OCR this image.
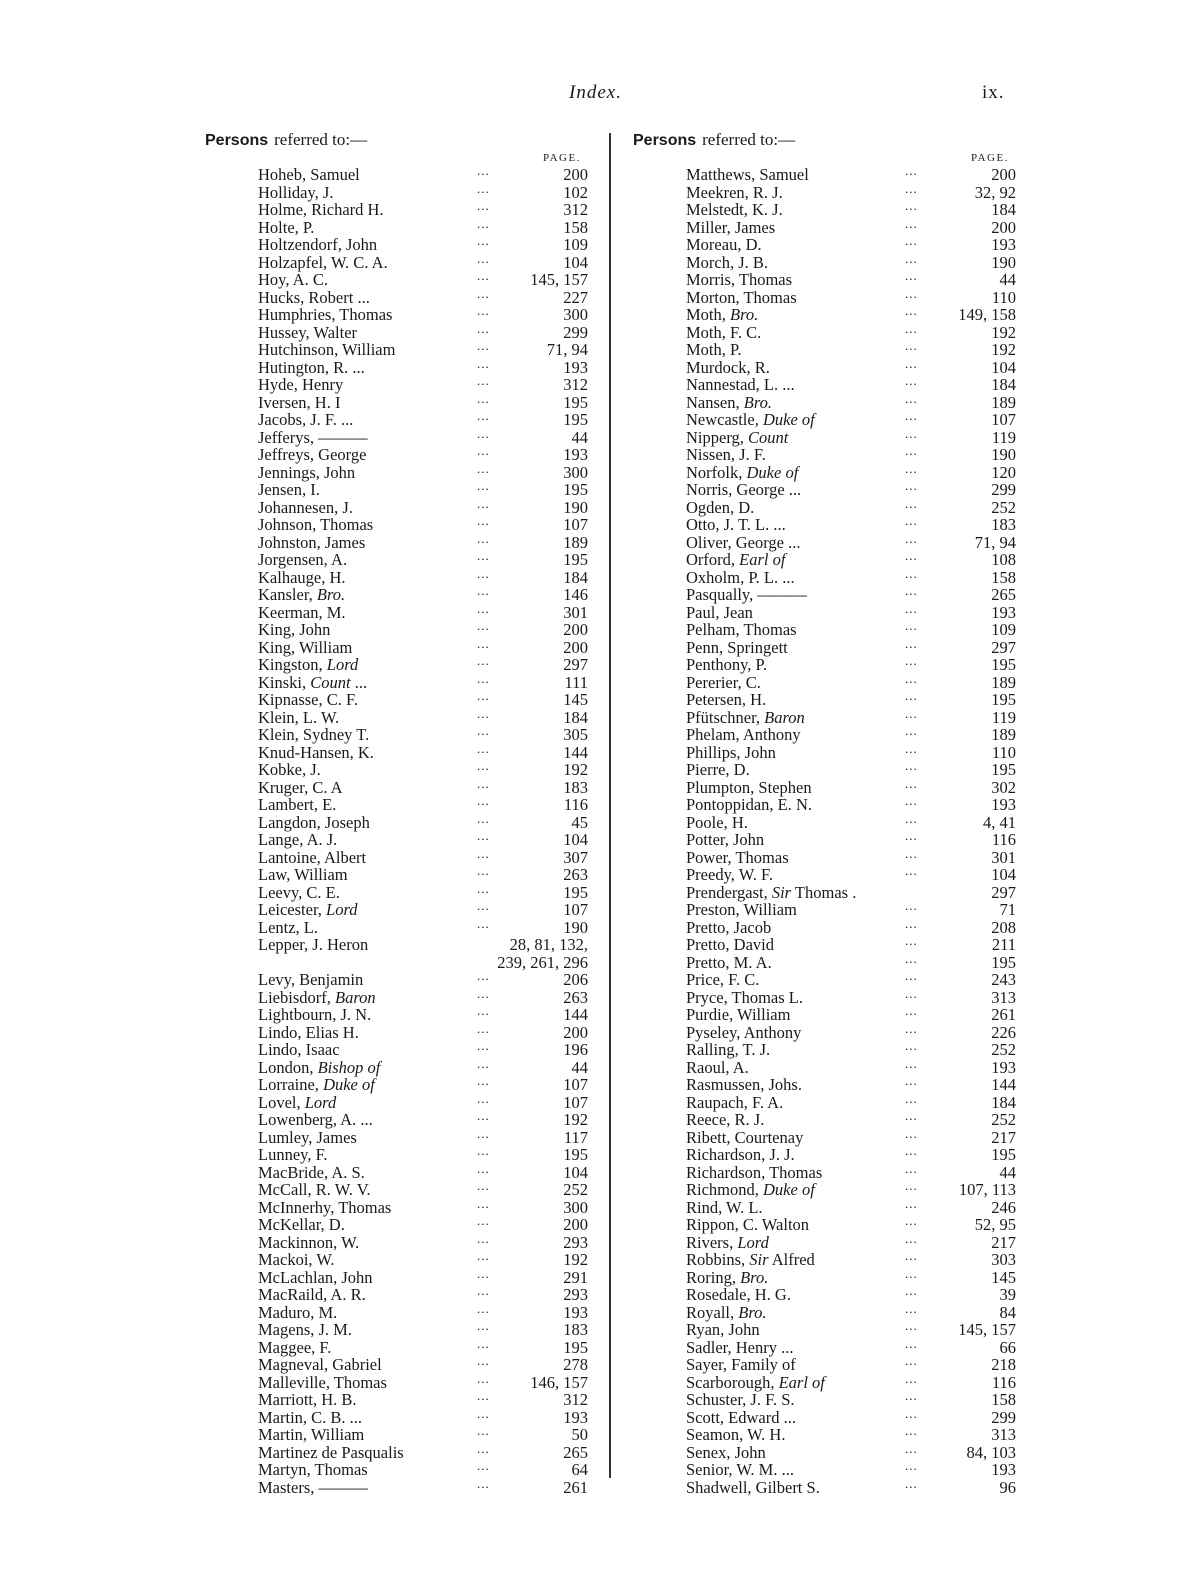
Index.	ix.
Persons referred to:—	Persons referred to:—
PAGE.	PAGE.
Hoheb, Samuel	...	200
Holliday, J.	...	102
Holme, Richard H.	...	312
Holte, P.	...	158
Holtzendorf, John	...	109
Holzapfel, W. C. A.	...	104
Hoy, A. C.	... 145, 157
Hucks, Robert ...	...	227
Humphries, Thomas	...	300
Hussey, Walter	...	299
Hutchinson, William	...	71, 94
Hutington, R. ...	...	193
Hyde, Henry	...	312
Iversen, H. I	...	195
Jacobs, J. F. ...	...	195
Jefferys, ———	...	44
Jeffreys, George	...	193
Jennings, John	...	300
Jensen, I.	...	195
Johannesen, J.	...	190
Johnson, Thomas	...	107
Johnston, James	...	189
Jorgensen, A.	...	195
Kalhauge, H.	...	184
Kansler, Bro.	...	146
Keerman, M.	...	301
King, John	...	200
King, William	...	200
Kingston, Lord	...	297
Kinski, Count ...	...	111
Kipnasse, C. F.	...	145
Klein, L. W.	...	184
Klein, Sydney T.	...	305
Knud-Hansen, K.	...	144
Kobke, J.	...	192
Kruger, C. A	...	183
Lambert, E.	...	116
Langdon, Joseph	...	45
Lange, A. J.	...	104
Lantoine, Albert	...	307
Law, William	...	263
Leevy, C. E.	...	195
Leicester, Lord	...	107
Lentz, L.	...	190
Lepper, J. Heron	28, 81, 132,
239, 261, 296
Levy, Benjamin	...	206
Liebisdorf, Baron	...	263
Lightbourn, J. N.	...	144
Lindo, Elias H.	...	200
Lindo, Isaac	...	196
London, Bishop of	...	44
Lorraine, Duke of	...	107
Lovel, Lord	...	107
Lowenberg, A. ...	...	192
Lumley, James	...	117
Lunney, F.	...	195
MacBride, A. S.	...	104
McCall, R. W. V.	...	252
McInnerhy, Thomas	...	300
McKellar, D.	...	200
Mackinnon, W.	...	293
Mackoi, W.	...	192
McLachlan, John	...	291
MacRaild, A. R.	...	293
Maduro, M.	...	193
Magens, J. M.	...	183
Maggee, F.	...	195
Magneval, Gabriel	...	278
Malleville, Thomas	... 146, 157
Marriott, H. B.	...	312
Martin, C. B. ...	...	193
Martin, William	...	50
Martinez de Pasqualis	...	265
Martyn, Thomas	...	64
Masters, ———	...	261
Matthews, Samuel	...	200
Meekren, R. J.	...	32, 92
Melstedt, K. J.	...	184
Miller, James	...	200
Moreau, D.	...	193
Morch, J. B.	...	190
Morris, Thomas	...	44
Morton, Thomas	...	110
Moth, Bro.	... 149, 158
Moth, F. C.	...	192
Moth, P.	...	192
Murdock, R.	...	104
Nannestad, L. ...	...	184
Nansen, Bro.	...	189
Newcastle, Duke of	...	107
Nipperg, Count	...	119
Nissen, J. F.	...	190
Norfolk, Duke of	...	120
Norris, George ...	...	299
Ogden, D.	...	252
Otto, J. T. L. ...	...	183
Oliver, George ...	...	71, 94
Orford, Earl of	...	108
Oxholm, P. L. ...	...	158
Pasqually, ———	...	265
Paul, Jean	...	193
Pelham, Thomas	...	109
Penn, Springett	...	297
Penthony, P.	...	195
Pererier, C.	...	189
Petersen, H.	...	195
Pfütschner, Baron	...	119
Phelam, Anthony	...	189
Phillips, John	...	110
Pierre, D.	...	195
Plumpton, Stephen	...	302
Pontoppidan, E. N.	...	193
Poole, H.	...	4, 41
Potter, John	...	116
Power, Thomas	...	301
Preedy, W. F.	...	104
Prendergast, Sir Thomas .	297
Preston, William	...	71
Pretto, Jacob	...	208
Pretto, David	...	211
Pretto, M. A.	...	195
Price, F. C.	...	243
Pryce, Thomas L.	...	313
Purdie, William	...	261
Pyseley, Anthony	...	226
Ralling, T. J.	...	252
Raoul, A.	...	193
Rasmussen, Johs.	...	144
Raupach, F. A.	...	184
Reece, R. J.	...	252
Ribett, Courtenay	...	217
Richardson, J. J.	...	195
Richardson, Thomas	...	44
Richmond, Duke of	... 107, 113
Rind, W. L.	...	246
Rippon, C. Walton	...	52, 95
Rivers, Lord	...	217
Robbins, Sir Alfred	...	303
Roring, Bro.	...	145
Rosedale, H. G.	...	39
Royall, Bro.	...	84
Ryan, John	... 145, 157
Sadler, Henry ...	...	66
Sayer, Family of	...	218
Scarborough, Earl of	...	116
Schuster, J. F. S.	...	158
Scott, Edward ...	...	299
Seamon, W. H.	...	313
Senex, John	...	84, 103
Senior, W. M. ...	...	193
Shadwell, Gilbert S.	...	96
